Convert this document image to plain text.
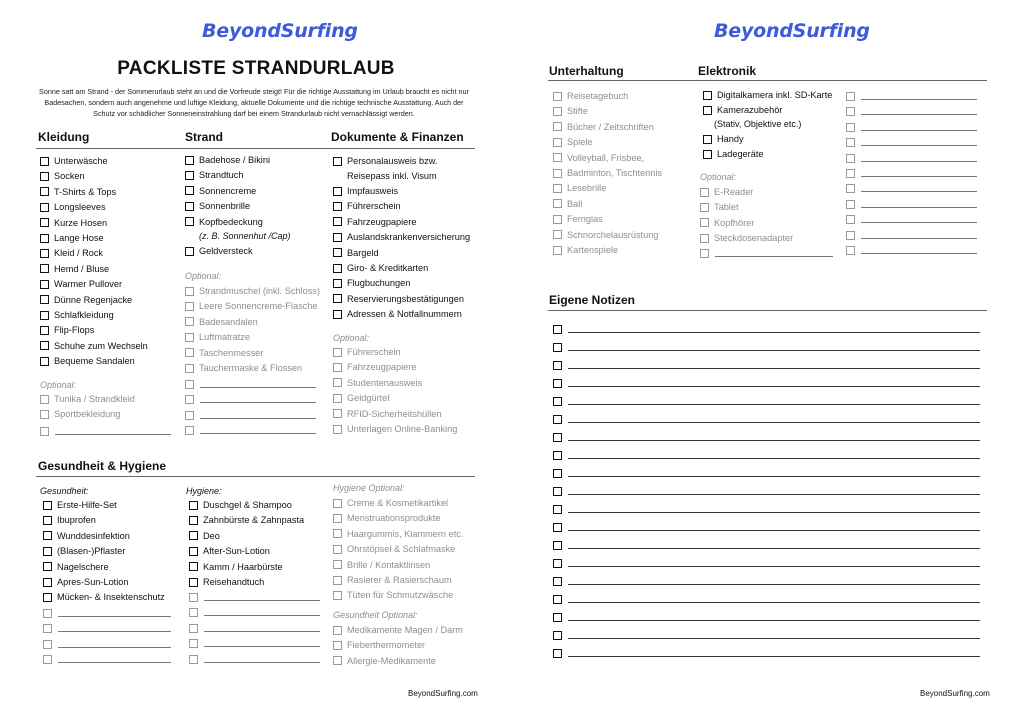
BeyondSurfing
PACKLISTE STRANDURLAUB
Sonne satt am Strand - der Sommerurlaub steht an und die Vorfreude steigt! Für die richtige Ausstattung im Urlaub braucht es nicht nur Badesachen, sondern auch angenehme und luftige Kleidung, aktuelle Dokumente und die richtige technische Ausstattung. Auch der Schutz vor schädlicher Sonneneinstrahlung darf bei einem Strandurlaub nicht vernachlässigt werden.
Kleidung	Strand	Dokumente & Finanzen
Unterwäsche
Socken
T-Shirts & Tops
Longsleeves
Kurze Hosen
Lange Hose
Kleid / Rock
Hemd / Bluse
Warmer Pullover
Dünne Regenjacke
Schlafkleidung
Flip-Flops
Schuhe zum Wechseln
Bequeme Sandalen
Optional:
Tunika / Strandkleid
Sportbekleidung
Badehose / Bikini
Strandtuch
Sonnencreme
Sonnenbrille
Kopfbedeckung
(z. B. Sonnenhut /Cap)
Geldversteck
Optional:
Strandmuschel (inkl. Schloss)
Leere Sonnencreme-Flasche
Badesandalen
Luftmatratze
Taschenmesser
Tauchermaske & Flossen
Personalausweis bzw.
Reisepass inkl. Visum
Impfausweis
Führerschein
Fahrzeugpapiere
Auslandskrankenversicherung
Bargeld
Giro- & Kreditkarten
Flugbuchungen
Reservierungsbestätigungen
Adressen & Notfallnummern
Optional:
Führerschein
Fahrzeugpapiere
Studentenausweis
Geldgürtel
RFID-Sicherheitshüllen
Unterlagen Online-Banking
Gesundheit & Hygiene
Gesundheit:
Erste-Hilfe-Set
Ibuprofen
Wunddesinfektion
(Blasen-)Pflaster
Nagelschere
Apres-Sun-Lotion
Mücken- & Insektenschutz
Hygiene:
Duschgel & Shampoo
Zahnbürste & Zahnpasta
Deo
After-Sun-Lotion
Kamm / Haarbürste
Reisehandtuch
Hygiene Optional:
Creme & Kosmetikartikel
Menstruationsprodukte
Haargummis, Klammern etc.
Ohrstöpsel & Schlafmaske
Brille / Kontaktlinsen
Rasierer & Rasierschaum
Tüten für Schmutzwäsche
Gesundheit Optional:
Medikamente Magen / Darm
Fieberthermometer
Allergie-Medikamente
BeyondSurfing.com
BeyondSurfing
Unterhaltung	Elektronik
Reisetagebuch
Stifte
Bücher / Zeitschriften
Spiele
Volleyball, Frisbee,
Badminton, Tischtennis
Lesebrille
Ball
Fernglas
Schnorchelausrüstung
Kartenspiele
Digitalkamera inkl. SD-Karte
Kamerazubehör
(Stativ, Objektive etc.)
Handy
Ladegeräte
Optional:
E-Reader
Tablet
Kopfhörer
Steckdosenadapter
Eigene Notizen
BeyondSurfing.com
